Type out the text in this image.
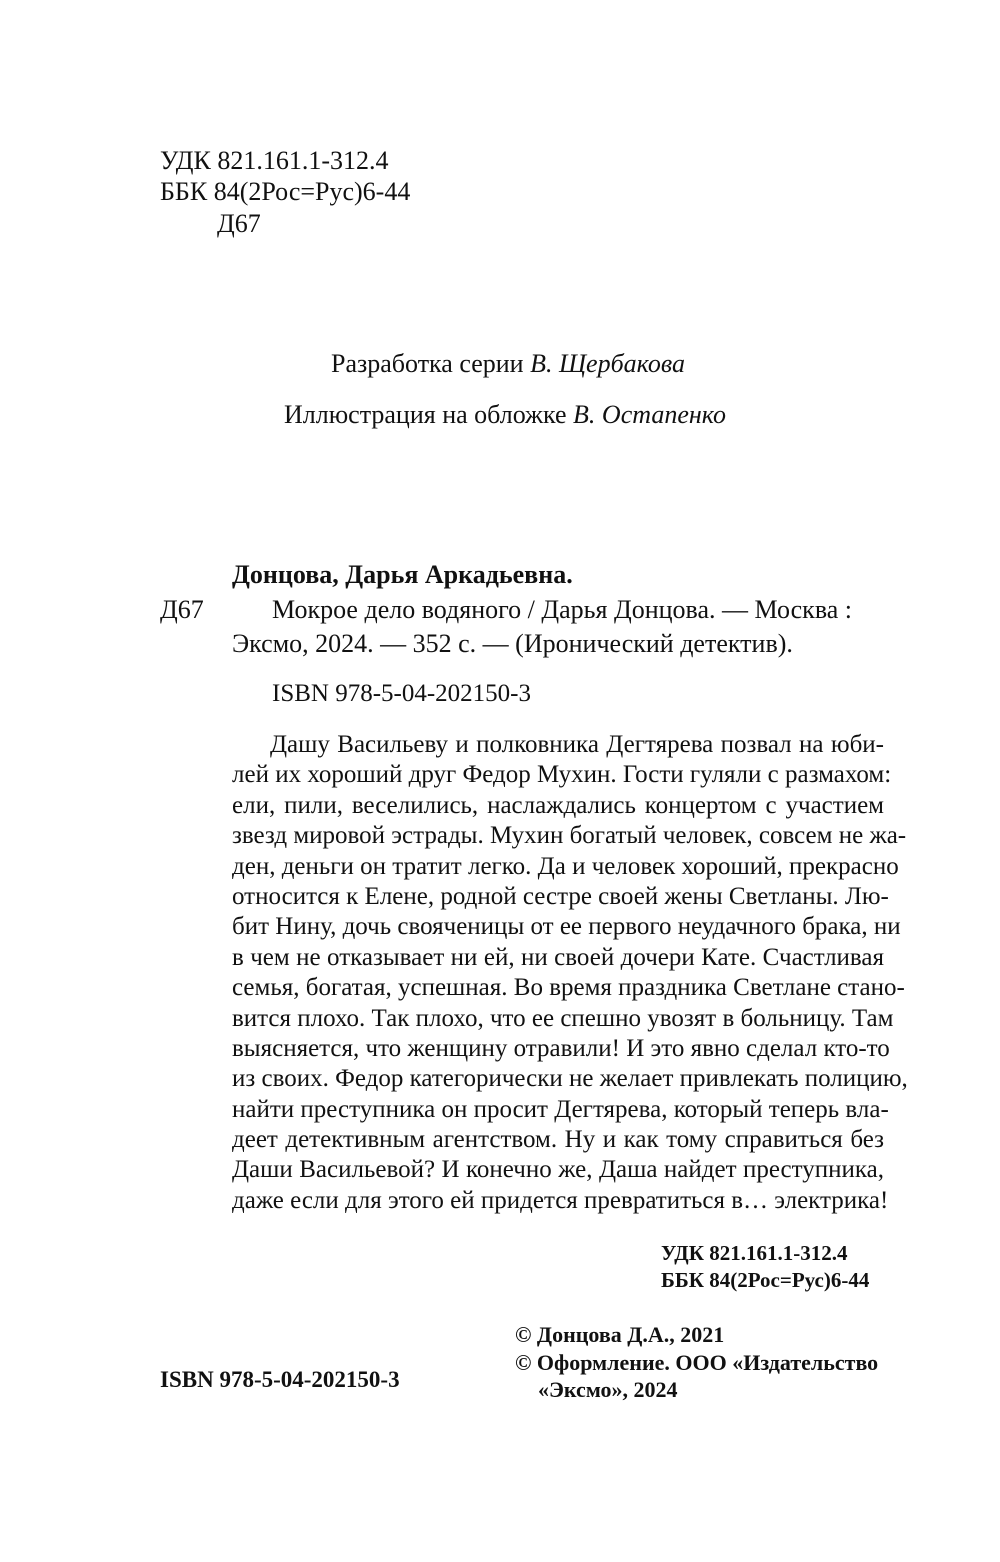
УДК 821.161.1-312.4
ББК 84(2Рос=Рус)6-44
Д67
Разработка серии В. Щербакова
Иллюстрация на обложке В. Остапенко
Донцова, Дарья Аркадьевна.
Д67	Мокрое дело водяного / Дарья Донцова. — Москва :
Эксмо, 2024. — 352 с. — (Иронический детектив).
ISBN 978-5-04-202150-3
Дашу Васильеву и полковника Дегтярева позвал на юби-
лей их хороший друг Федор Мухин. Гости гуляли с размахом:
ели, пили, веселились, наслаждались концертом с участием
звезд мировой эстрады. Мухин богатый человек, совсем не жа-
ден, деньги он тратит легко. Да и человек хороший, прекрасно
относится к Елене, родной сестре своей жены Светланы. Лю-
бит Нину, дочь свояченицы от ее первого неудачного брака, ни
в чем не отказывает ни ей, ни своей дочери Кате. Счастливая
семья, богатая, успешная. Во время праздника Светлане стано-
вится плохо. Так плохо, что ее спешно увозят в больницу. Там
выясняется, что женщину отравили! И это явно сделал кто-то
из своих. Федор категорически не желает привлекать полицию,
найти преступника он просит Дегтярева, который теперь вла-
деет детективным агентством. Ну и как тому справиться без
Даши Васильевой? И конечно же, Даша найдет преступника,
даже если для этого ей придется превратиться в… электрика!
УДК 821.161.1-312.4
ББК 84(2Рос=Рус)6-44
© Донцова Д.А., 2021
© Оформление. ООО «Издательство
«Эксмо», 2024
ISBN 978-5-04-202150-3
